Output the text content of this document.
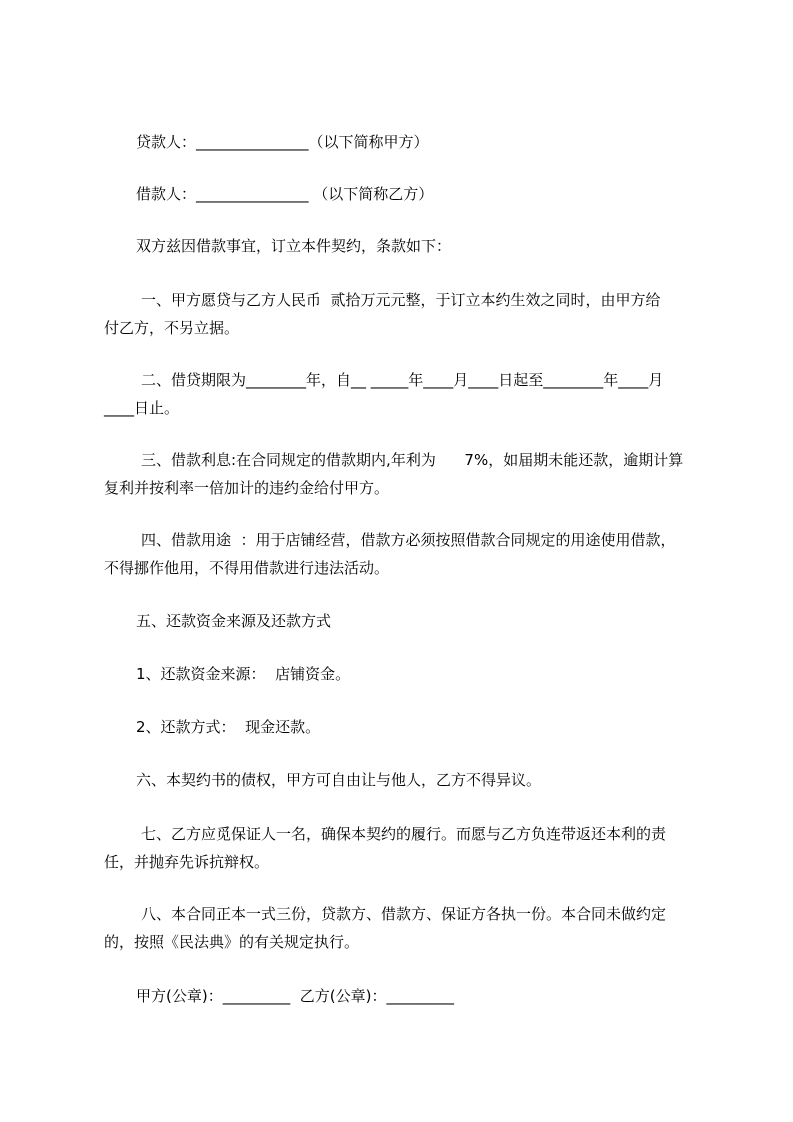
贷款人：_______________（以下简称甲方）
借款人：_______________ （以下简称乙方）
双方兹因借款事宜，订立本件契约，条款如下：
一、甲方愿贷与乙方人民币  贰拾万元元整，于订立本约生效之同时，由甲方给
付乙方，不另立据。
二、借贷期限为________年，自__ _____年____月____日起至________年____月
____日止。
三、借款利息:在合同规定的借款期内,年利为      7%，如届期未能还款，逾期计算
复利并按利率一倍加计的违约金给付甲方。
四、借款用途  ：用于店铺经营，借款方必须按照借款合同规定的用途使用借款，
不得挪作他用，不得用借款进行违法活动。
五、还款资金来源及还款方式
1、还款资金来源：  店铺资金。
2、还款方式：  现金还款。
六、本契约书的债权，甲方可自由让与他人，乙方不得异议。
七、乙方应觅保证人一名，确保本契约的履行。而愿与乙方负连带返还本利的责
任，并抛弃先诉抗辩权。
八、本合同正本一式三份，贷款方、借款方、保证方各执一份。本合同未做约定
的，按照《民法典》的有关规定执行。
甲方(公章)：_________  乙方(公章)：_________
